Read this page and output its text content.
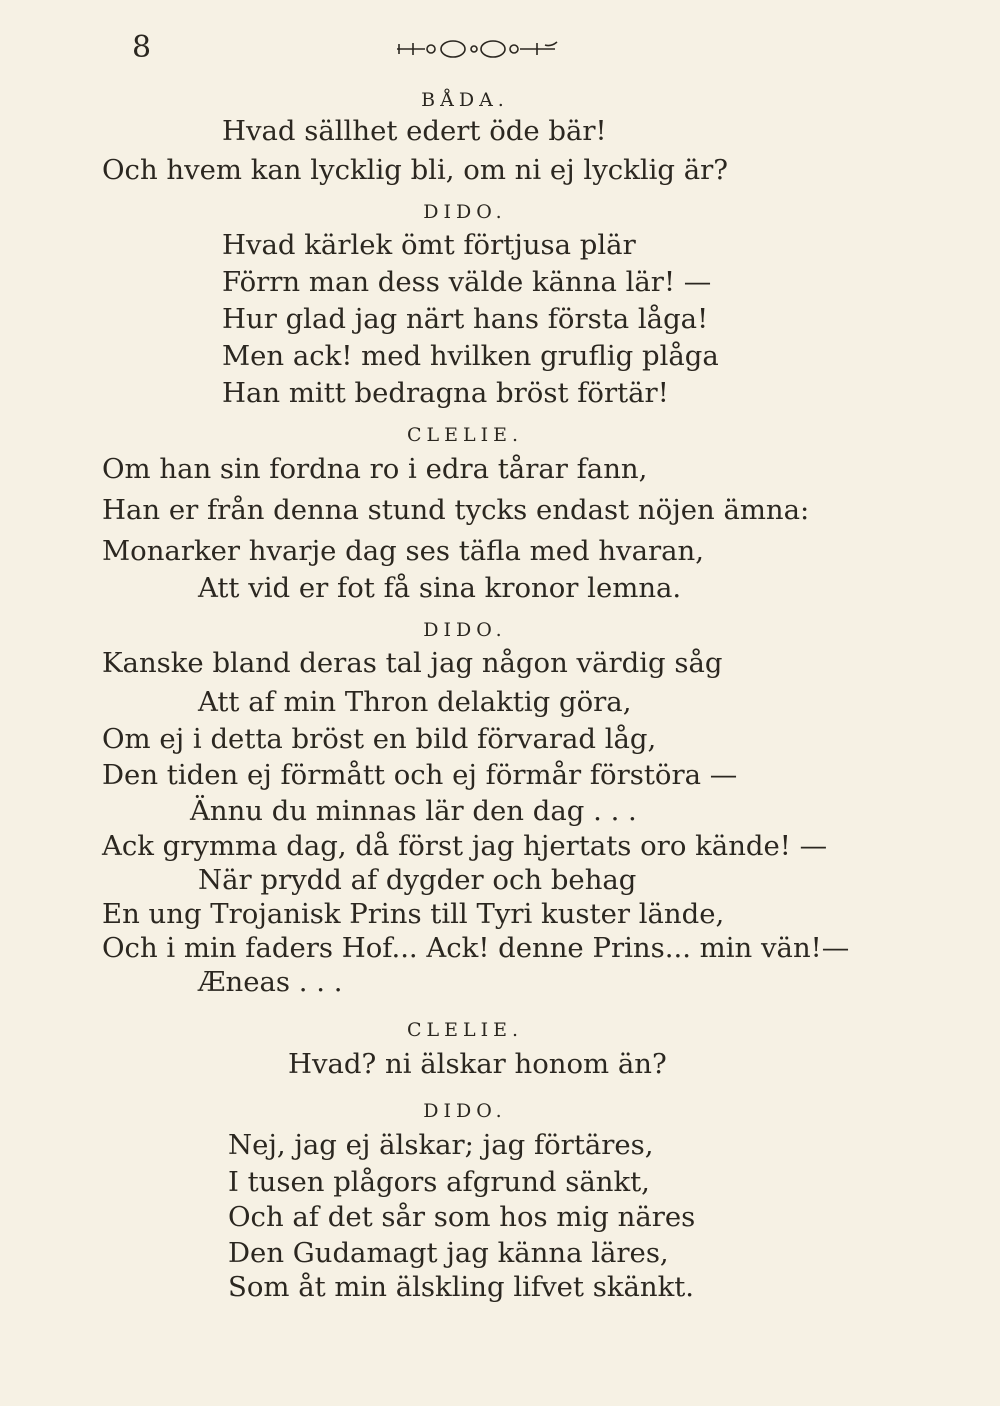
8
BÅDA.
Hvad sällhet edert öde bär!
Och hvem kan lycklig bli, om ni ej lycklig är?
DIDO.
Hvad kärlek ömt förtjusa plär
Förrn man dess välde känna lär! —
Hur glad jag närt hans första låga!
Men ack! med hvilken gruflig plåga
Han mitt bedragna bröst förtär!
CLELIE.
Om han sin fordna ro i edra tårar fann,
Han er från denna stund tycks endast nöjen ämna:
Monarker hvarje dag ses täfla med hvaran,
Att vid er fot få sina kronor lemna.
DIDO.
Kanske bland deras tal jag någon värdig såg
Att af min Thron delaktig göra,
Om ej i detta bröst en bild förvarad låg,
Den tiden ej förmått och ej förmår förstöra —
Ännu du minnas lär den dag . . .
Ack grymma dag, då först jag hjertats oro kände! —
När prydd af dygder och behag
En ung Trojanisk Prins till Tyri kuster lände,
Och i min faders Hof... Ack! denne Prins... min vän!—
Æneas . . .
CLELIE.
Hvad? ni älskar honom än?
DIDO.
Nej, jag ej älskar; jag förtäres,
I tusen plågors afgrund sänkt,
Och af det sår som hos mig näres
Den Gudamagt jag känna läres,
Som åt min älskling lifvet skänkt.
